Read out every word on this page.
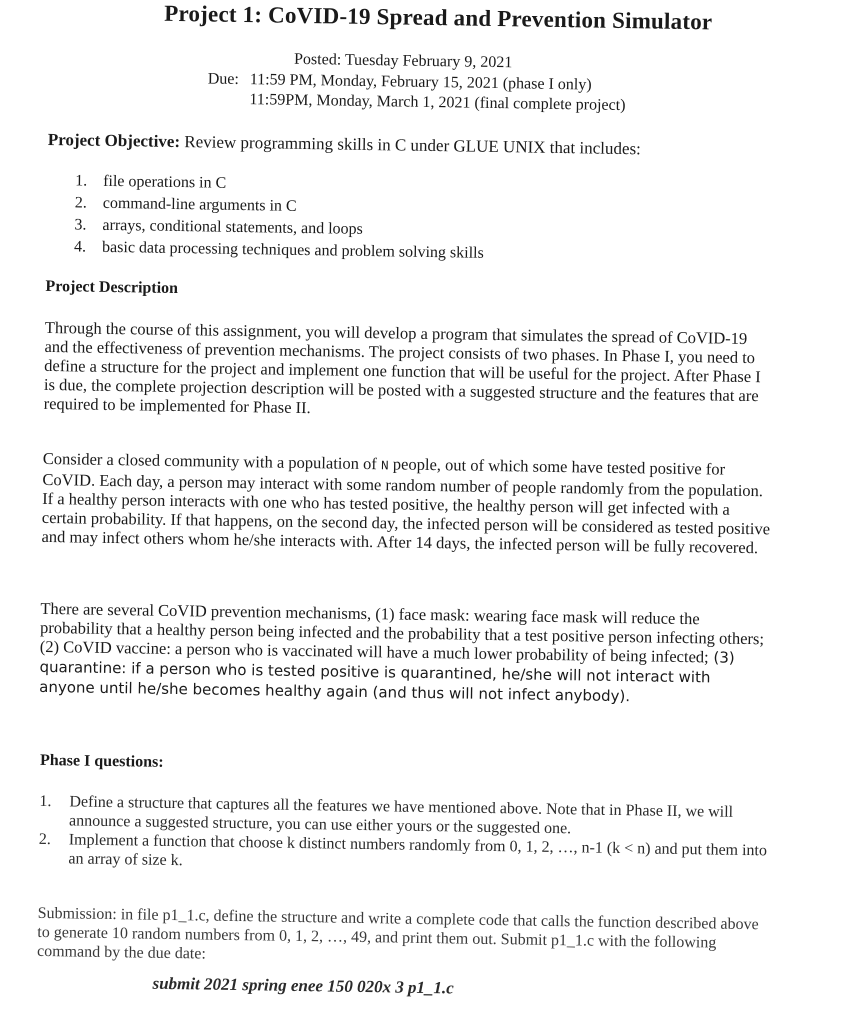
Project 1: CoVID-19 Spread and Prevention Simulator
Posted: Tuesday February 9, 2021
Due: 11:59 PM, Monday, February 15, 2021 (phase I only)
11:59PM, Monday, March 1, 2021 (final complete project)
Project Objective: Review programming skills in C under GLUE UNIX that includes:
1. file operations in C
2. command-line arguments in C
3. arrays, conditional statements, and loops
4. basic data processing techniques and problem solving skills
Project Description
Through the course of this assignment, you will develop a program that simulates the spread of CoVID-19 and the effectiveness of prevention mechanisms. The project consists of two phases. In Phase I, you need to define a structure for the project and implement one function that will be useful for the project. After Phase I is due, the complete projection description will be posted with a suggested structure and the features that are required to be implemented for Phase II.
Consider a closed community with a population of N people, out of which some have tested positive for CoVID. Each day, a person may interact with some random number of people randomly from the population. If a healthy person interacts with one who has tested positive, the healthy person will get infected with a certain probability. If that happens, on the second day, the infected person will be considered as tested positive and may infect others whom he/she interacts with. After 14 days, the infected person will be fully recovered.
There are several CoVID prevention mechanisms, (1) face mask: wearing face mask will reduce the probability that a healthy person being infected and the probability that a test positive person infecting others; (2) CoVID vaccine: a person who is vaccinated will have a much lower probability of being infected; (3) quarantine: if a person who is tested positive is quarantined, he/she will not interact with anyone until he/she becomes healthy again (and thus will not infect anybody).
Phase I questions:
1.	Define a structure that captures all the features we have mentioned above. Note that in Phase II, we will announce a suggested structure, you can use either yours or the suggested one.
2.	Implement a function that choose k distinct numbers randomly from 0, 1, 2, …, n-1 (k < n) and put them into an array of size k.
Submission: in file p1_1.c, define the structure and write a complete code that calls the function described above to generate 10 random numbers from 0, 1, 2, …, 49, and print them out. Submit p1_1.c with the following command by the due date:
submit 2021 spring enee 150 020x 3 p1_1.c
